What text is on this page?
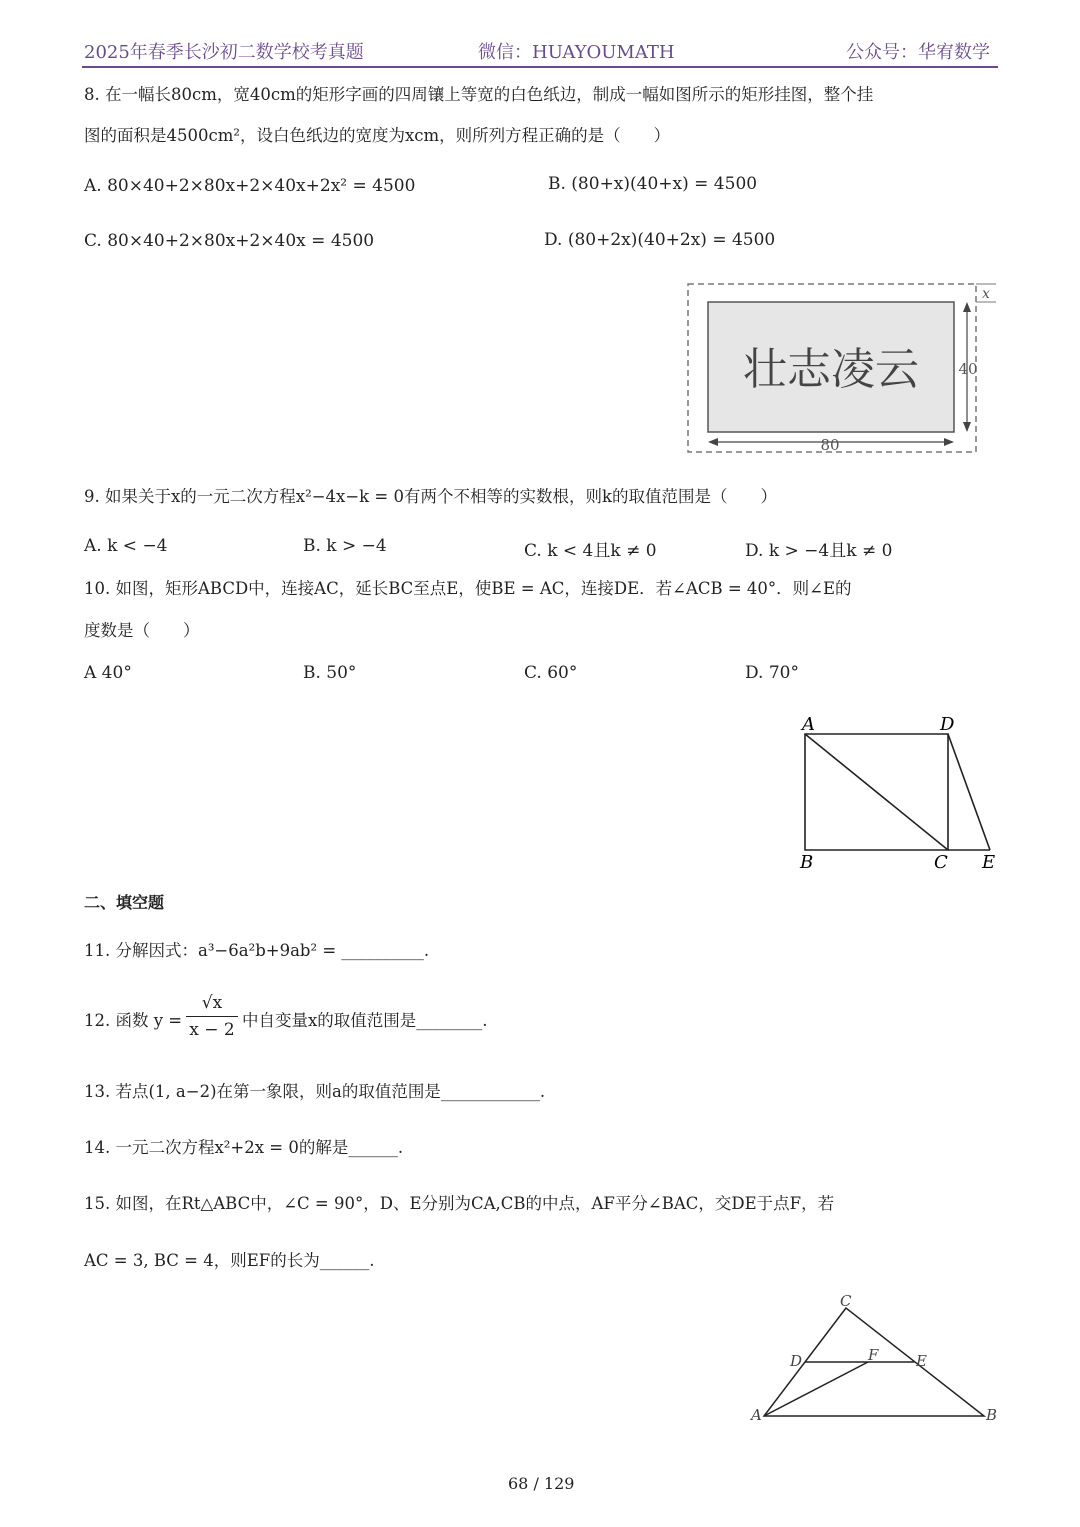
2025年春季长沙初二数学校考真题	微信：HUAYOUMATH	公众号：华宥数学
8. 在一幅长80cm，宽40cm的矩形字画的四周镶上等宽的白色纸边，制成一幅如图所示的矩形挂图，整个挂
图的面积是4500cm²，设白色纸边的宽度为xcm，则所列方程正确的是（　　）
A. 80×40+2×80x+2×40x+2x² = 4500	B. (80+x)(40+x) = 4500
C. 80×40+2×80x+2×40x = 4500	D. (80+2x)(40+2x) = 4500
壮志凌云	40
80
x
9. 如果关于x的一元二次方程x²−4x−k = 0有两个不相等的实数根，则k的取值范围是（　　）
A. k < −4	B. k > −4	C. k < 4且k ≠ 0	D. k > −4且k ≠ 0
10. 如图，矩形ABCD中，连接AC，延长BC至点E，使BE = AC，连接DE．若∠ACB = 40°．则∠E的
度数是（　　）
A 40°	B. 50°	C. 60°	D. 70°
A	D
B	C E
二、填空题
11. 分解因式：a³−6a²b+9ab² = __________.
12. 函数 y =
√x
x − 2 中自变量x的取值范围是________.
13. 若点(1, a−2)在第一象限，则a的取值范围是____________.
14. 一元二次方程x²+2x = 0的解是______.
15. 如图，在Rt△ABC中，∠C = 90°，D、E分别为CA,CB的中点，AF平分∠BAC，交DE于点F，若
AC = 3, BC = 4，则EF的长为______.
C
D	F	E
A	B
68 / 129
